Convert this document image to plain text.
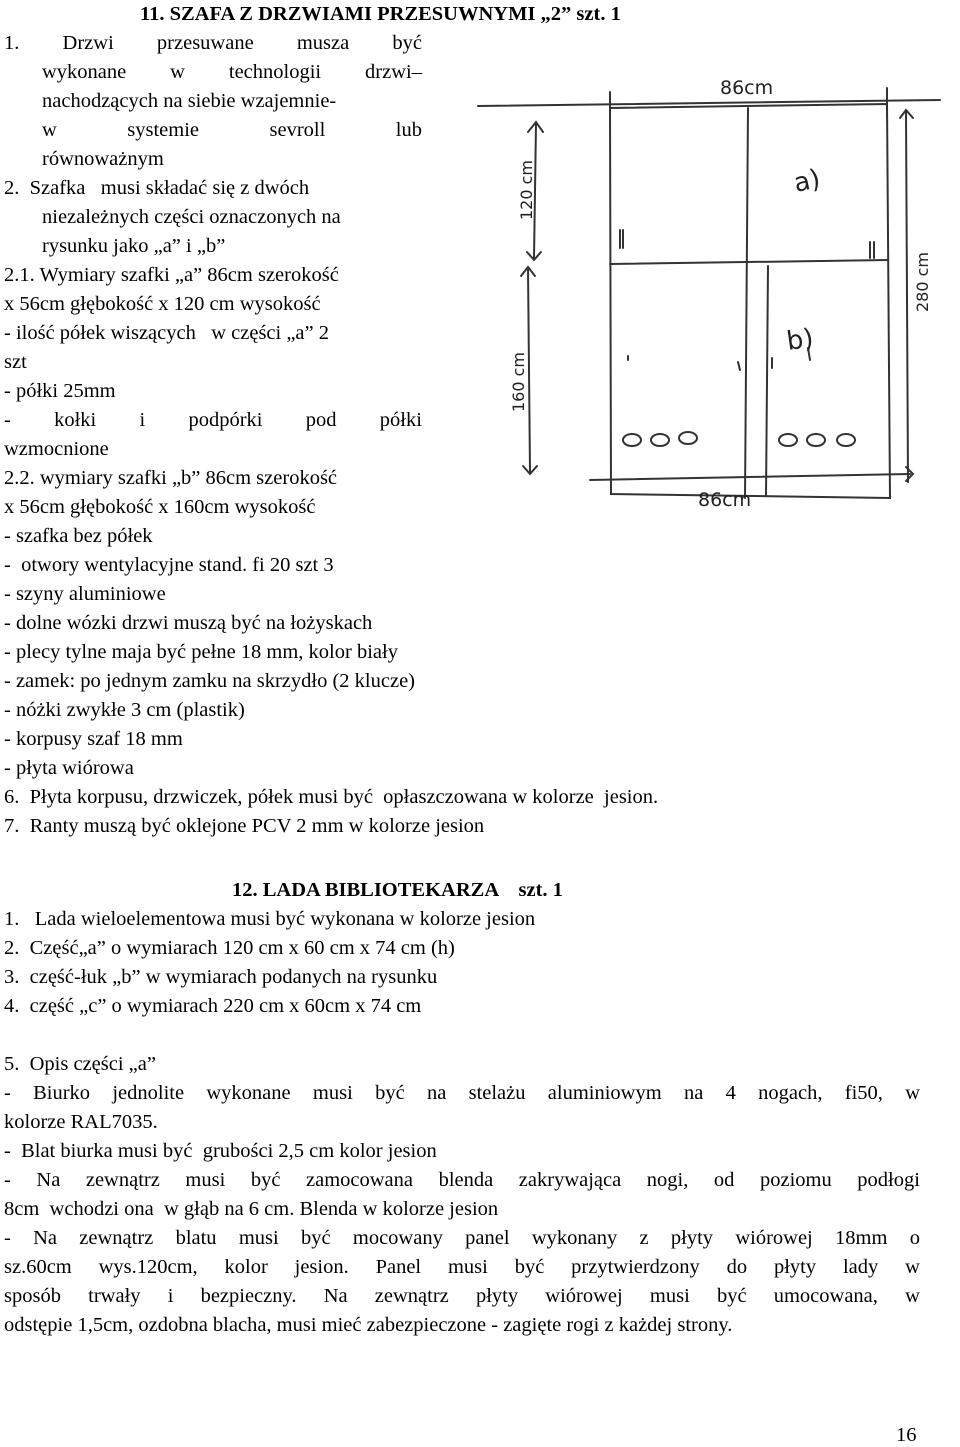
11. SZAFA Z DRZWIAMI PRZESUWNYMI „2” szt. 1
1. Drzwi przesuwane musza być
wykonane w technologii drzwi–
nachodzących na siebie wzajemnie-
w	systemie	sevroll	lub
równoważnym
2.  Szafka   musi składać się z dwóch
niezależnych części oznaczonych na
rysunku jako „a” i „b”
2.1. Wymiary szafki „a” 86cm szerokość
x 56cm głębokość x 120 cm wysokość
- ilość półek wiszących   w części „a” 2
szt
- półki 25mm
- kołki i podpórki pod półki
wzmocnione
2.2. wymiary szafki „b” 86cm szerokość
x 56cm głębokość x 160cm wysokość
- szafka bez półek
-  otwory wentylacyjne stand. fi 20 szt 3
- szyny aluminiowe
- dolne wózki drzwi muszą być na łożyskach
- plecy tylne maja być pełne 18 mm, kolor biały
- zamek: po jednym zamku na skrzydło (2 klucze)
- nóżki zwykłe 3 cm (plastik)
- korpusy szaf 18 mm
- płyta wiórowa
6.  Płyta korpusu, drzwiczek, półek musi być  opłaszczowana w kolorze  jesion.
7.  Ranty muszą być oklejone PCV 2 mm w kolorze jesion
86cm
86cm
120 cm
160 cm
280 cm
a)
b)
12. LADA BIBLIOTEKARZA    szt. 1
1.   Lada wieloelementowa musi być wykonana w kolorze jesion
2.  Część„a” o wymiarach 120 cm x 60 cm x 74 cm (h)
3.  część-łuk „b” w wymiarach podanych na rysunku
4.  część „c” o wymiarach 220 cm x 60cm x 74 cm
5.  Opis części „a”
- Biurko jednolite wykonane musi być na stelażu aluminiowym na 4 nogach, fi50, w
kolorze RAL7035.
-  Blat biurka musi być  grubości 2,5 cm kolor jesion
- Na zewnątrz musi być zamocowana blenda zakrywająca nogi, od poziomu podłogi
8cm  wchodzi ona  w głąb na 6 cm. Blenda w kolorze jesion
- Na zewnątrz blatu musi być mocowany panel wykonany z płyty wiórowej 18mm o
sz.60cm wys.120cm, kolor jesion. Panel musi być przytwierdzony do płyty lady w
sposób trwały i bezpieczny. Na zewnątrz płyty wiórowej musi być umocowana, w
odstępie 1,5cm, ozdobna blacha, musi mieć zabezpieczone - zagięte rogi z każdej strony.
16
